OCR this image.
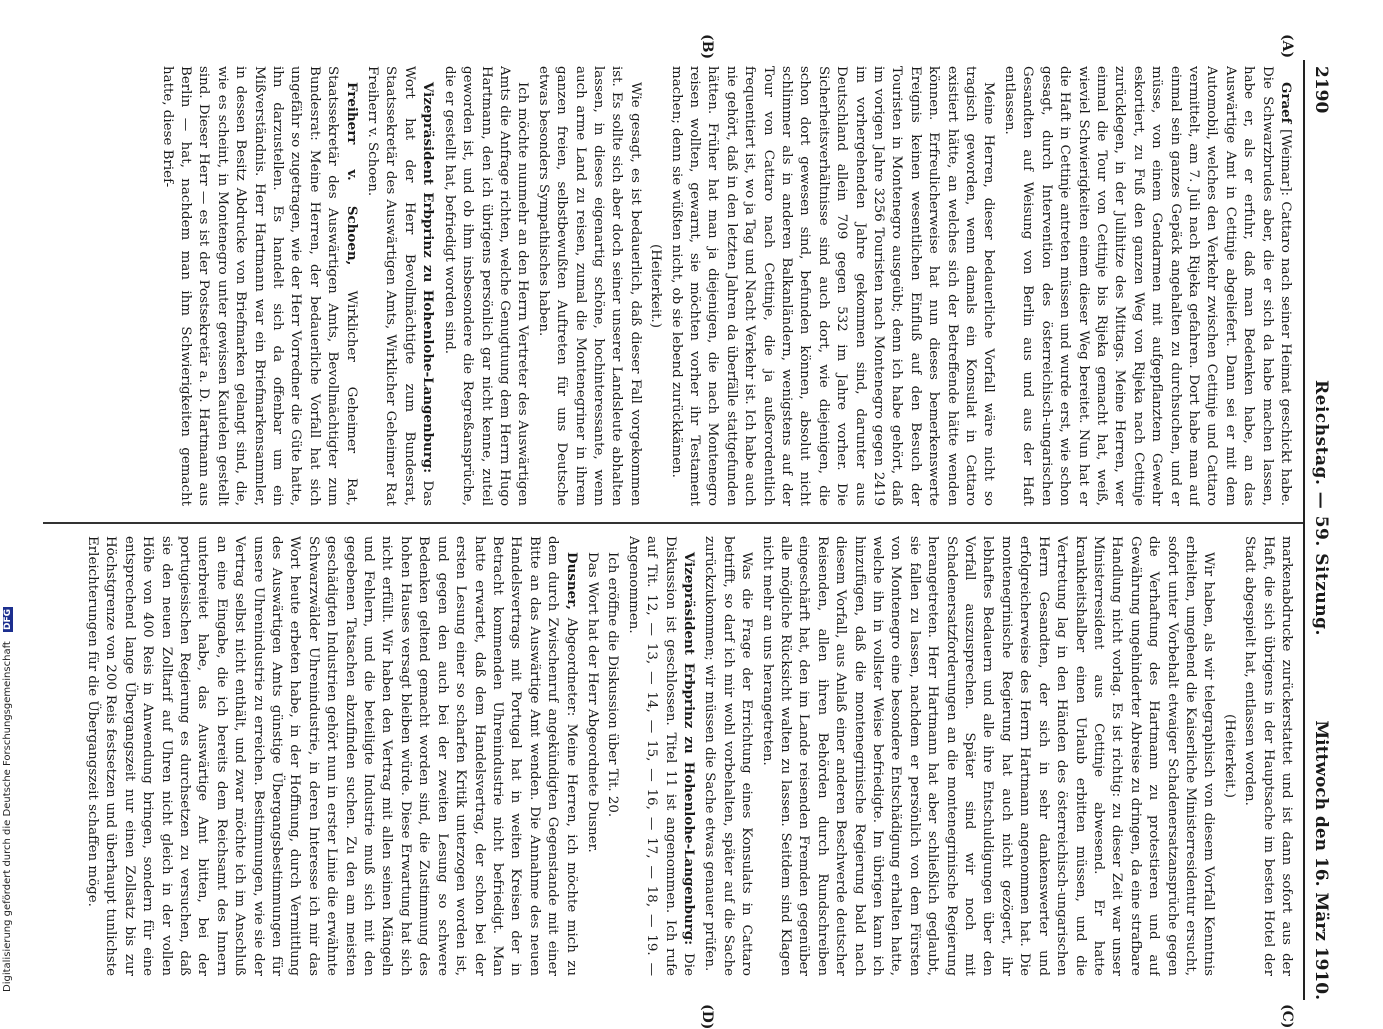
2190
Reichstag. — 59. Sitzung.
Mittwoch den 16. März 1910.
(A)
(B)
(C)
(D)

Graef [Weimar]: Cattaro nach seiner Heimat geschickt habe. Die Schwarzbrudes aber, die er sich da habe machen lassen, habe er, als er erfuhr, daß man Bedenken habe, an das Auswärtige Amt in Cettinje abgeliefert. Dann sei er mit dem Automobil, welches den Verkehr zwischen Cettinje und Cattaro vermittelt, am 7. Juli nach Rijeka gefahren. Dort habe man auf einmal sein ganzes Gepäck angehalten zu durchsuchen, und er müsse, von einem Gendarmen mit aufgepflanztem Gewehr eskortiert, zu Fuß den ganzen Weg von Rijeka nach Cettinje zurücklegen, in der Julihitze des Mittags. Meine Herren, wer einmal die Tour von Cettinje bis Rijeka gemacht hat, weiß, wieviel Schwierigkeiten einem dieser Weg bereitet. Nun hat er die Haft in Cettinje antreten müssen und wurde erst, wie schon gesagt, durch Intervention des österreichisch-ungarischen Gesandten auf Weisung von Berlin aus und aus der Haft entlassen.

Meine Herren, dieser bedauerliche Vorfall wäre nicht so tragisch geworden, wenn damals ein Konsulat in Cattaro existiert hätte, an welches sich der Betreffende hätte wenden können. Erfreulicherweise hat nun dieses bemerkenswerte Ereignis keinen wesentlichen Einfluß auf den Besuch der Touristen in Montenegro ausgeübt; denn ich habe gehört, daß im vorigen Jahre 3256 Touristen nach Montenegro gegen 2419 im vorhergehenden Jahre gekommen sind, darunter aus Deutschland allein 709 gegen 532 im Jahre vorher. Die Sicherheitsverhältnisse sind auch dort, wie diejenigen, die schon dort gewesen sind, befunden können, absolut nicht schlimmer als in anderen Balkanländern, wenigstens auf der Tour von Cattaro nach Cettinje, die ja außerordentlich frequentiert ist, wo ja Tag und Nacht Verkehr ist. Ich habe auch nie gehört, daß in den letzten Jahren da überfälle stattgefunden hätten. Früher hat man ja diejenigen, die nach Montenegro reisen wollten, gewarnt, sie möchten vorher ihr Testament machen; denn sie wüßten nicht, ob sie lebend zurückkämen.

(Heiterkeit.)

Wie gesagt, es ist bedauerlich, daß dieser Fall vorgekommen ist. Es sollte sich aber doch seiner unserer Landsleute abhalten lassen, in dieses eigenartig schöne, hochinteressante, wenn auch arme Land zu reisen, zumal die Montenegriner in ihrem ganzen freien, selbstbewußten Auftreten für uns Deutsche etwas besonders Sympathisches haben.

Ich möchte nunmehr an den Herrn Vertreter des Auswärtigen Amts die Anfrage richten, welche Genugtuung dem Herrn Hugo Hartmann, den ich übrigens persönlich gar nicht kenne, zuteil geworden ist, und ob ihm insbesondere die Regreßansprüche, die er gestellt hat, befriedigt worden sind.

Vizepräsident Erbprinz zu Hohenlohe-Langenburg: Das Wort hat der Herr Bevollmächtigte zum Bundesrat, Staatssekretär des Auswärtigen Amts, Wirklicher Geheimer Rat Freiherr v. Schoen.

Freiherr v. Schoen, Wirklicher Geheimer Rat, Staatssekretär des Auswärtigen Amts, Bevollmächtigter zum Bundesrat: Meine Herren, der bedauerliche Vorfall hat sich ungefähr so zugetragen, wie der Herr Vorredner die Güte hatte, ihn darzustellen. Es handelt sich da offenbar um ein Mißverständnis. Herr Hartmann war ein Briefmarkensammler, in dessen Besitz Abdrucke von Briefmarken gelangt sind, die, wie es scheint, in Montenegro unter gewissen Kautelen gestellt sind. Dieser Herr — es ist der Postsekretär a. D. Hartmann aus Berlin — hat, nachdem man ihm Schwierigkeiten gemacht hatte, diese Brief-

markenabdrucke zurückerstattet und ist dann sofort aus der Haft, die sich übrigens in der Hauptsache im besten Hotel der Stadt abgespielt hat, entlassen worden.

(Heiterkeit.)

Wir haben, als wir telegraphisch von diesem Vorfall Kenntnis erhielten, umgehend die Kaiserliche Ministerresidentur ersucht, sofort unter Vorbehalt etwaiger Schadenersatzansprüche gegen die Verhaftung des Hartmann zu protestieren und auf Gewährung ungehinderter Abreise zu dringen, da eine strafbare Handlung nicht vorlag. Es ist richtig: zu dieser Zeit war unser Ministerresident aus Cettinje abwesend. Er hatte krankheitshalber einen Urlaub erbitten müssen, und die Vertretung lag in den Händen des österreichisch-ungarischen Herrn Gesandten, der sich in sehr dankenswerter und erfolgreicherweise des Herrn Hartmann angenommen hat. Die montenegrinische Regierung hat auch nicht gezögert, ihr lebhaftes Bedauern und alle ihre Entschuldigungen über den Vorfall auszusprechen. Später sind wir noch mit Schadenersatzforderungen an die montenegrinische Regierung herangetreten. Herr Hartmann hat aber schließlich geglaubt, sie fallen zu lassen, nachdem er persönlich von dem Fürsten von Montenegro eine besondere Entschädigung erhalten hatte, welche ihn in vollster Weise befriedigte. Im übrigen kann ich hinzufügen, daß die montenegrinische Regierung bald nach diesem Vorfall, aus Anlaß einer anderen Beschwerde deutscher Reisenden, allen ihren Behörden durch Rundschreiben eingeschärft hat, den im Lande reisenden Fremden gegenüber alle mögliche Rücksicht walten zu lassen. Seitdem sind Klagen nicht mehr an uns herangetreten.

Was die Frage der Errichtung eines Konsulats in Cattaro betrifft, so darf ich mir wohl vorbehalten, später auf die Sache zurückzukommen; wir müssen die Sache etwas genauer prüfen.

Vizepräsident Erbprinz zu Hohenlohe-Langenburg: Die Diskussion ist geschlossen. Titel 11 ist angenommen. Ich rufe auf Tit. 12, — 13, — 14, — 15, — 16, — 17, — 18, — 19. — Angenommen.

Ich eröffne die Diskussion über Tit. 20.

Das Wort hat der Herr Abgeordnete Dusner.

Dusner, Abgeordneter: Meine Herren, ich möchte mich zu dem durch Zwischenruf angekündigten Gegenstande mit einer Bitte an das Auswärtige Amt wenden. Die Annahme des neuen Handelsvertrags mit Portugal hat in weiten Kreisen der in Betracht kommenden Uhrenindustrie nicht befriedigt. Man hatte erwartet, daß dem Handelsvertrag, der schon bei der ersten Lesung einer so scharfen Kritik unterzogen worden ist, und gegen den auch bei der zweiten Lesung so schwere Bedenken geltend gemacht worden sind, die Zustimmung des hohen Hauses versagt bleiben würde. Diese Erwartung hat sich nicht erfüllt. Wir haben den Vertrag mit allen seinen Mängeln und Fehlern, und die beteiligte Industrie muß sich mit den gegebenen Tatsachen abzufinden suchen. Zu den am meisten geschädigten Industrien gehört nun in erster Linie die erwähnte Schwarzwälder Uhrenindustrie, in deren Interesse ich mir das Wort heute erbeten habe, in der Hoffnung, durch Vermittlung des Auswärtigen Amts günstige Übergangsbestimmungen für unsere Uhrenindustrie zu erreichen. Bestimmungen, wie sie der Vertrag selbst nicht enthält, und zwar möchte ich im Anschluß an eine Eingabe, die ich bereits dem Reichsamt des Innern unterbreitet habe, das Auswärtige Amt bitten, bei der portugiesischen Regierung es durchsetzen zu versuchen, daß sie den neuen Zolltarif auf Uhren nicht gleich in der vollen Höhe von 400 Reis in Anwendung bringen, sondern für eine entsprechend lange Übergangszeit nur einen Zollsatz bis zur Höchstgrenze von 200 Reis festsetzen und überhaupt tunlichste Erleichterungen für die Übergangszeit schaffen möge.

Digitalisierung gefördert durch die Deutsche Forschungsgemeinschaft DFG
